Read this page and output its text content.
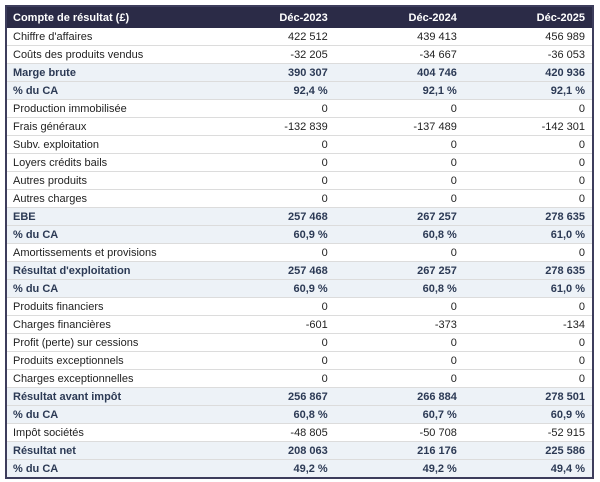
Compte de résultat (£)	Déc-2023	Déc-2024	Déc-2025
Chiffre d'affaires	422 512	439 413	456 989
Coûts des produits vendus	-32 205	-34 667	-36 053
Marge brute	390 307	404 746	420 936
% du CA	92,4 %	92,1 %	92,1 %
Production immobilisée	0	0	0
Frais généraux	-132 839	-137 489	-142 301
Subv. exploitation	0	0	0
Loyers crédits bails	0	0	0
Autres produits	0	0	0
Autres charges	0	0	0
EBE	257 468	267 257	278 635
% du CA	60,9 %	60,8 %	61,0 %
Amortissements et provisions	0	0	0
Résultat d'exploitation	257 468	267 257	278 635
% du CA	60,9 %	60,8 %	61,0 %
Produits financiers	0	0	0
Charges financières	-601	-373	-134
Profit (perte) sur cessions	0	0	0
Produits exceptionnels	0	0	0
Charges exceptionnelles	0	0	0
Résultat avant impôt	256 867	266 884	278 501
% du CA	60,8 %	60,7 %	60,9 %
Impôt sociétés	-48 805	-50 708	-52 915
Résultat net	208 063	216 176	225 586
% du CA	49,2 %	49,2 %	49,4 %
